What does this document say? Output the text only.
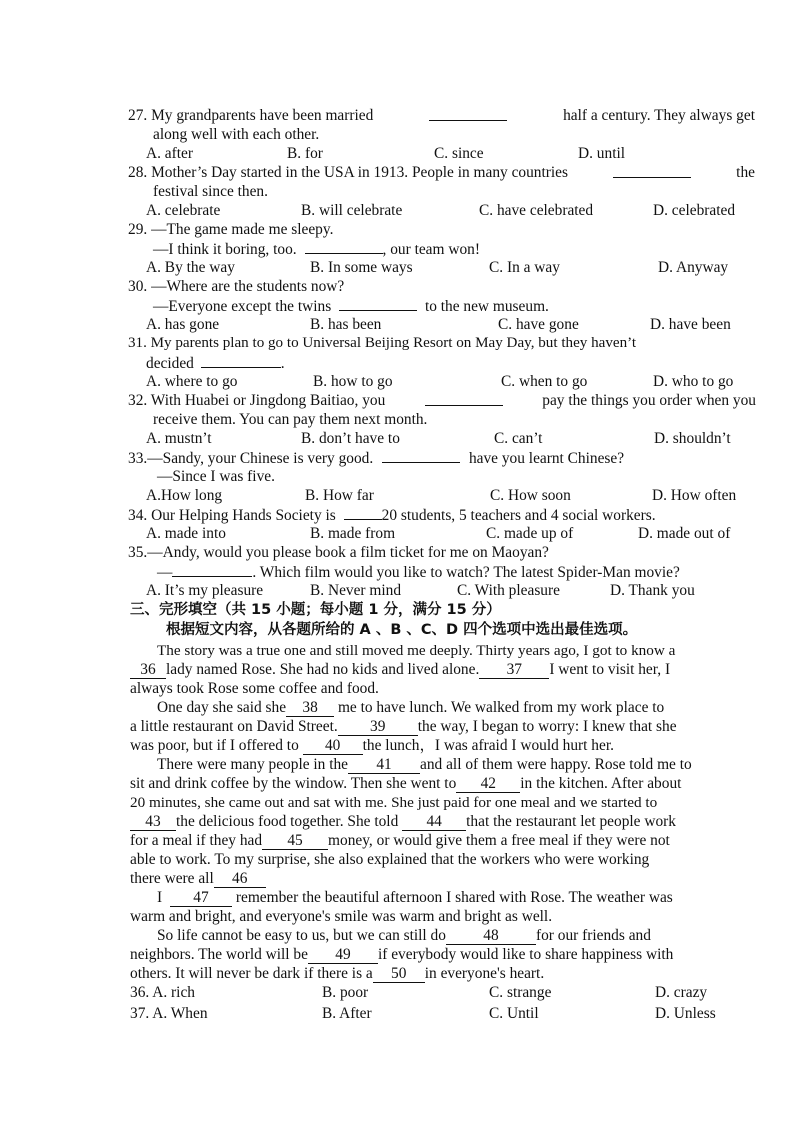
27. My grandparents have been married	half a century. They always get
along well with each other.
A. after	B. for	C. since	D. until
28. Mother’s Day started in the USA in 1913. People in many countries	the
festival since then.
A. celebrate	B. will celebrate	C. have celebrated	D. celebrated
29. —The game made me sleepy.
—I think it boring, too.	, our team won!
A. By the way	B. In some ways	C. In a way	D. Anyway
30. —Where are the students now?
—Everyone except the twins	to the new museum.
A. has gone	B. has been	C. have gone	D. have been
31. My parents plan to go to Universal Beijing Resort on May Day, but they haven’t
decided	.
A. where to go	B. how to go	C. when to go	D. who to go
32. With Huabei or Jingdong Baitiao, you	pay the things you order when you
receive them. You can pay them next month.
A. mustn’t	B. don’t have to	C. can’t	D. shouldn’t
33.—Sandy, your Chinese is very good.	have you learnt Chinese?
—Since I was five.
A.How long	B. How far	C. How soon	D. How often
34. Our Helping Hands Society is	20 students, 5 teachers and 4 social workers.
A. made into	B. made from	C. made up of	D. made out of
35.—Andy, would you please book a film ticket for me on Maoyan?
—	. Which film would you like to watch? The latest Spider-Man movie?
A. It’s my pleasure	B. Never mind	C. With pleasure	D. Thank you
三、完形填空（共 15 小题；每小题 1 分，满分 15 分）
根据短文内容，从各题所给的 A 、B 、C、D 四个选项中选出最佳选项。
The story was a true one and still moved me deeply. Thirty years ago, I got to know a
36 lady named Rose. She had no kids and lived alone. 37 I went to visit her, I
always took Rose some coffee and food.
One day she said she 38 me to have lunch. We walked from my work place to
a little restaurant on David Street. 39 the way, I began to worry: I knew that she
was poor, but if I offered to 40 the lunch，I was afraid I would hurt her.
There were many people in the 41 and all of them were happy. Rose told me to
sit and drink coffee by the window. Then she went to 42 in the kitchen. After about
20 minutes, she came out and sat with me. She just paid for one meal and we started to
43 the delicious food together. She told 44 that the restaurant let people work
for a meal if they had 45 money, or would give them a free meal if they were not
able to work. To my surprise, she also explained that the workers who were working
there were all 46
I 47 remember the beautiful afternoon I shared with Rose. The weather was
warm and bright, and everyone's smile was warm and bright as well.
So life cannot be easy to us, but we can still do 48 for our friends and
neighbors. The world will be 49 if everybody would like to share happiness with
others. It will never be dark if there is a 50 in everyone's heart.
36. A. rich	B. poor	C. strange	D. crazy
37. A. When	B. After	C. Until	D. Unless
